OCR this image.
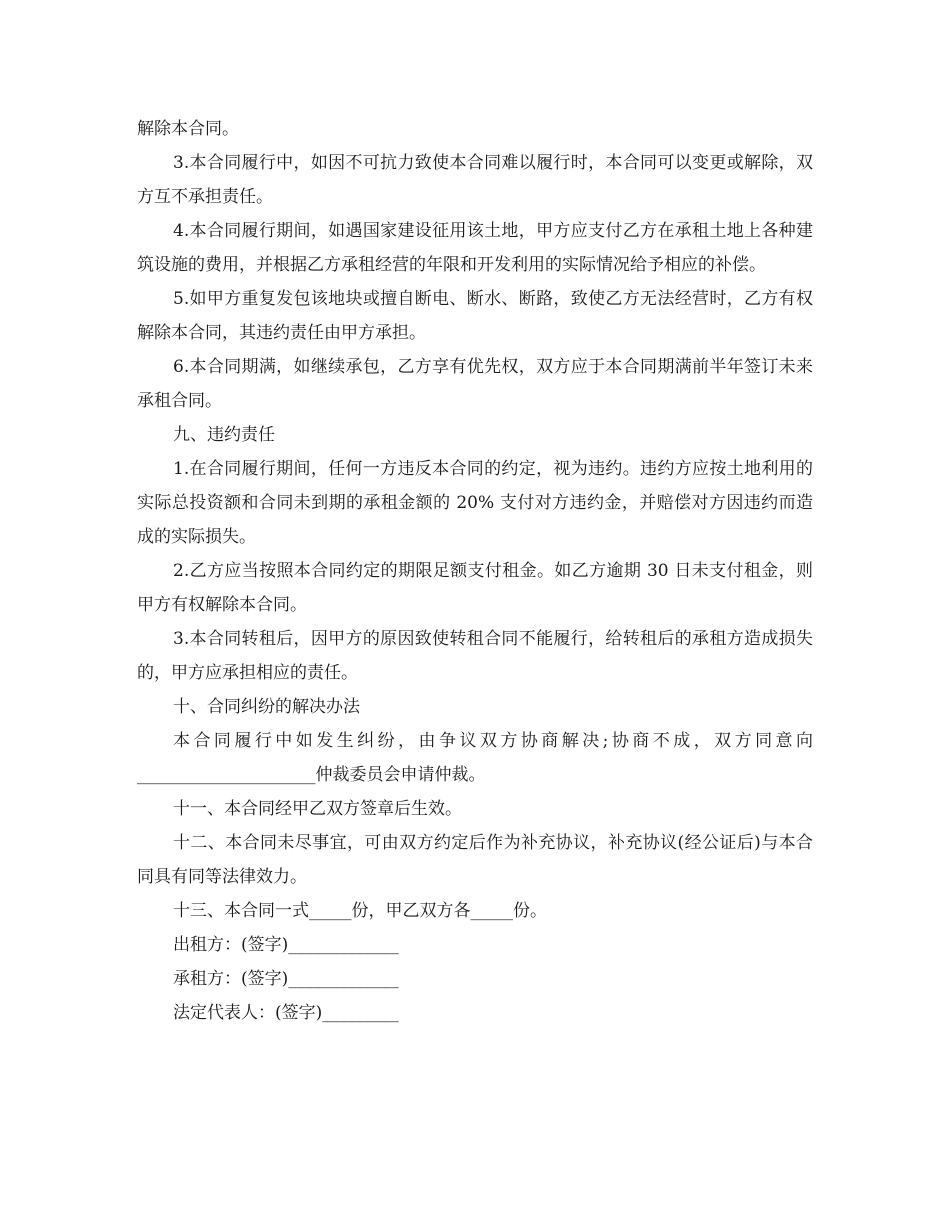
解除本合同。

3.本合同履行中，如因不可抗力致使本合同难以履行时，本合同可以变更或解除，双方互不承担责任。

4.本合同履行期间，如遇国家建设征用该土地，甲方应支付乙方在承租土地上各种建筑设施的费用，并根据乙方承租经营的年限和开发利用的实际情况给予相应的补偿。

5.如甲方重复发包该地块或擅自断电、断水、断路，致使乙方无法经营时，乙方有权解除本合同，其违约责任由甲方承担。

6.本合同期满，如继续承包，乙方享有优先权，双方应于本合同期满前半年签订未来承租合同。

九、违约责任

1.在合同履行期间，任何一方违反本合同的约定，视为违约。违约方应按土地利用的实际总投资额和合同未到期的承租金额的 20% 支付对方违约金，并赔偿对方因违约而造成的实际损失。

2.乙方应当按照本合同约定的期限足额支付租金。如乙方逾期 30 日未支付租金，则甲方有权解除本合同。

3.本合同转租后，因甲方的原因致使转租合同不能履行，给转租后的承租方造成损失的，甲方应承担相应的责任。

十、合同纠纷的解决办法

本合同履行中如发生纠纷，由争议双方协商解决;协商不成，双方同意向_____________________仲裁委员会申请仲裁。

十一、本合同经甲乙双方签章后生效。

十二、本合同未尽事宜，可由双方约定后作为补充协议，补充协议(经公证后)与本合同具有同等法律效力。

十三、本合同一式_____份，甲乙双方各_____份。

出租方：(签字)_____________

承租方：(签字)_____________

法定代表人：(签字)_________
